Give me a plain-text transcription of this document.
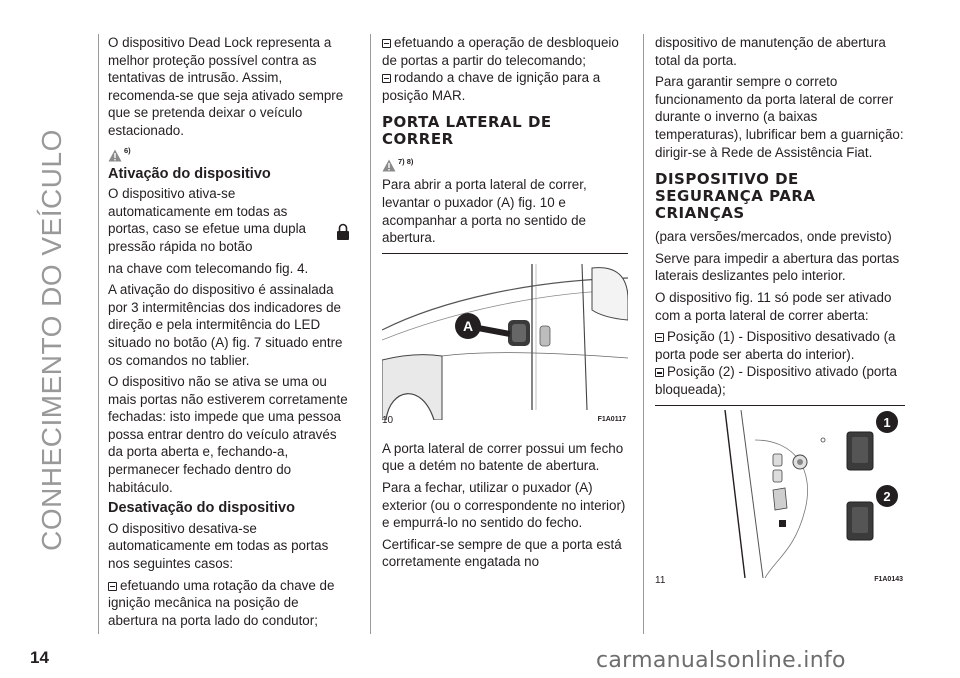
CONHECIMENTO DO VEÍCULO

O dispositivo Dead Lock representa a melhor proteção possível contra as tentativas de intrusão. Assim, recomenda-se que seja ativado sempre que se pretenda deixar o veículo estacionado.

6)
Ativação do dispositivo

O dispositivo ativa-se automaticamente em todas as portas, caso se efetue uma dupla pressão rápida no botão

na chave com telecomando fig. 4.

A ativação do dispositivo é assinalada por 3 intermitências dos indicadores de direção e pela intermitência do LED situado no botão (A) fig. 7 situado entre os comandos no tablier.

O dispositivo não se ativa se uma ou mais portas não estiverem corretamente fechadas: isto impede que uma pessoa possa entrar dentro do veículo através da porta aberta e, fechando-a, permanecer fechado dentro do habitáculo.

Desativação do dispositivo

O dispositivo desativa-se automaticamente em todas as portas nos seguintes casos:

efetuando uma rotação da chave de ignição mecânica na posição de abertura na porta lado do condutor;

efetuando a operação de desbloqueio de portas a partir do telecomando;

rodando a chave de ignição para a posição MAR.

PORTA LATERAL DE CORRER
7) 8)

Para abrir a porta lateral de correr, levantar o puxador (A) fig. 10 e acompanhar a porta no sentido de abertura.

A
10	F1A0117

A porta lateral de correr possui um fecho que a detém no batente de abertura.

Para a fechar, utilizar o puxador (A) exterior (ou o correspondente no interior) e empurrá-lo no sentido do fecho.

Certificar-se sempre de que a porta está corretamente engatada no

dispositivo de manutenção de abertura total da porta.

Para garantir sempre o correto funcionamento da porta lateral de correr durante o inverno (a baixas temperaturas), lubrificar bem a guarnição: dirigir-se à Rede de Assistência Fiat.

DISPOSITIVO DE SEGURANÇA PARA CRIANÇAS

(para versões/mercados, onde previsto)

Serve para impedir a abertura das portas laterais deslizantes pelo interior.

O dispositivo fig. 11 só pode ser ativado com a porta lateral de correr aberta:

Posição (1) - Dispositivo desativado (a porta pode ser aberta do interior).

Posição (2) - Dispositivo ativado (porta bloqueada);

1
2
11	F1A0143
14	carmanualsonline.info
